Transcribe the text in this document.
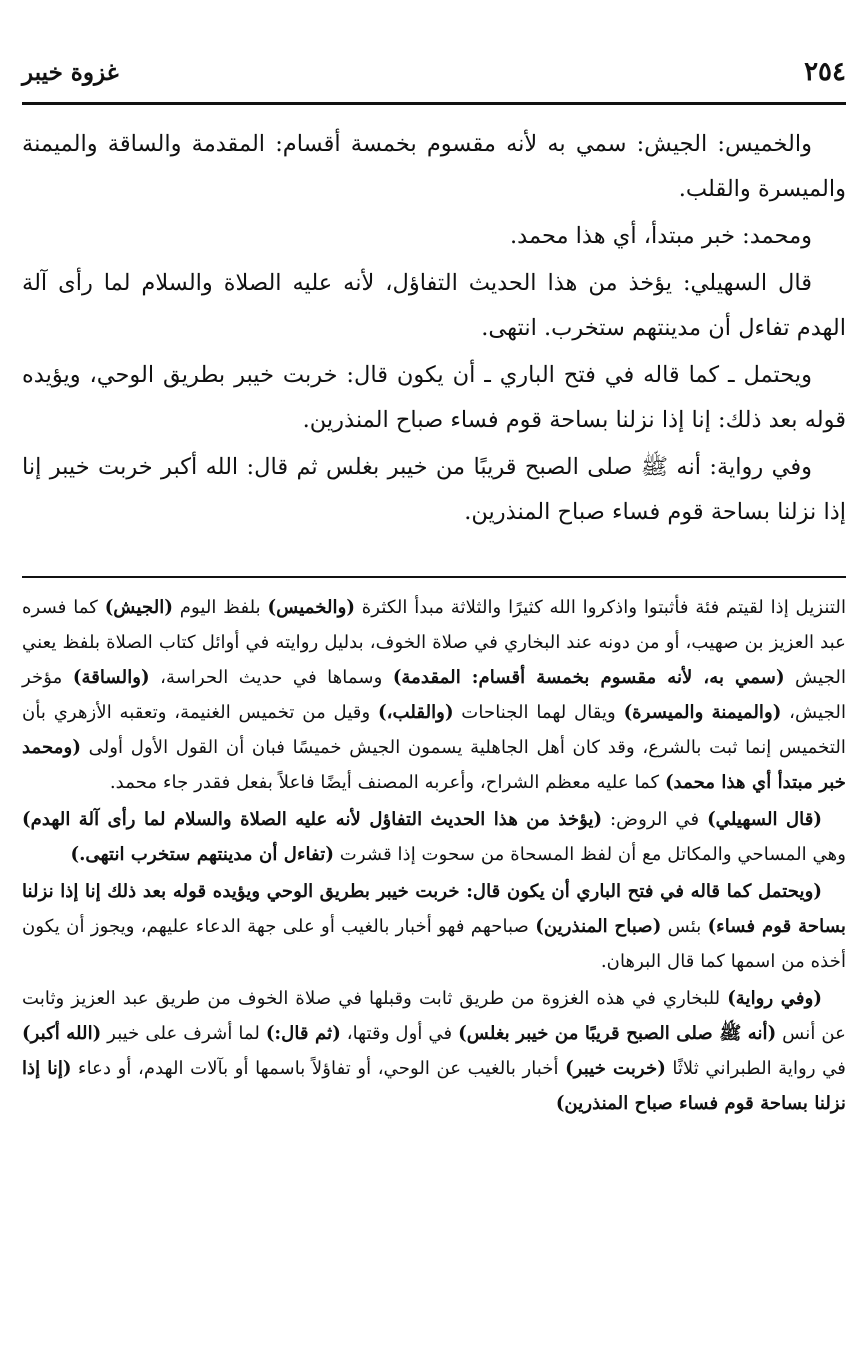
٢٥٤
غزوة خيبر

والخميس: الجيش: سمي به لأنه مقسوم بخمسة أقسام: المقدمة والساقة والميمنة والميسرة والقلب.

ومحمد: خبر مبتدأ، أي هذا محمد.

قال السهيلي: يؤخذ من هذا الحديث التفاؤل، لأنه عليه الصلاة والسلام لما رأى آلة الهدم تفاءل أن مدينتهم ستخرب. انتهى.

ويحتمل ـ كما قاله في فتح الباري ـ أن يكون قال: خربت خيبر بطريق الوحي، ويؤيده قوله بعد ذلك: إنا إذا نزلنا بساحة قوم فساء صباح المنذرين.

وفي رواية: أنه ﷺ صلى الصبح قريبًا من خيبر بغلس ثم قال: الله أكبر خربت خيبر إنا إذا نزلنا بساحة قوم فساء صباح المنذرين.

التنزيل إذا لقيتم فئة فأثبتوا واذكروا الله كثيرًا والثلاثة مبدأ الكثرة (والخميس) بلفظ اليوم (الجيش) كما فسره عبد العزيز بن صهيب، أو من دونه عند البخاري في صلاة الخوف، بدليل روايته في أوائل كتاب الصلاة بلفظ يعني الجيش (سمي به، لأنه مقسوم بخمسة أقسام: المقدمة) وسماها في حديث الحراسة، (والساقة) مؤخر الجيش، (والميمنة والميسرة) ويقال لهما الجناحات (والقلب،) وقيل من تخميس الغنيمة، وتعقبه الأزهري بأن التخميس إنما ثبت بالشرع، وقد كان أهل الجاهلية يسمون الجيش خميسًا فبان أن القول الأول أولى (ومحمد خبر مبتدأ أي هذا محمد) كما عليه معظم الشراح، وأعربه المصنف أيضًا فاعلاً بفعل فقدر جاء محمد.

(قال السهيلي) في الروض: (يؤخذ من هذا الحديث التفاؤل لأنه عليه الصلاة والسلام لما رأى آلة الهدم) وهي المساحي والمكاتل مع أن لفظ المسحاة من سحوت إذا قشرت (تفاءل أن مدينتهم ستخرب انتهى.)

(ويحتمل كما قاله في فتح الباري أن يكون قال: خربت خيبر بطريق الوحي ويؤيده قوله بعد ذلك إنا إذا نزلنا بساحة قوم فساء) بئس (صباح المنذرين) صباحهم فهو أخبار بالغيب أو على جهة الدعاء عليهم، ويجوز أن يكون أخذه من اسمها كما قال البرهان.

(وفي رواية) للبخاري في هذه الغزوة من طريق ثابت وقبلها في صلاة الخوف من طريق عبد العزيز وثابت عن أنس (أنه ﷺ صلى الصبح قريبًا من خيبر بغلس) في أول وقتها، (ثم قال:) لما أشرف على خيبر (الله أكبر) في رواية الطبراني ثلاثًا (خربت خيبر) أخبار بالغيب عن الوحي، أو تفاؤلاً باسمها أو بآلات الهدم، أو دعاء (إنا إذا نزلنا بساحة قوم فساء صباح المنذرين)
